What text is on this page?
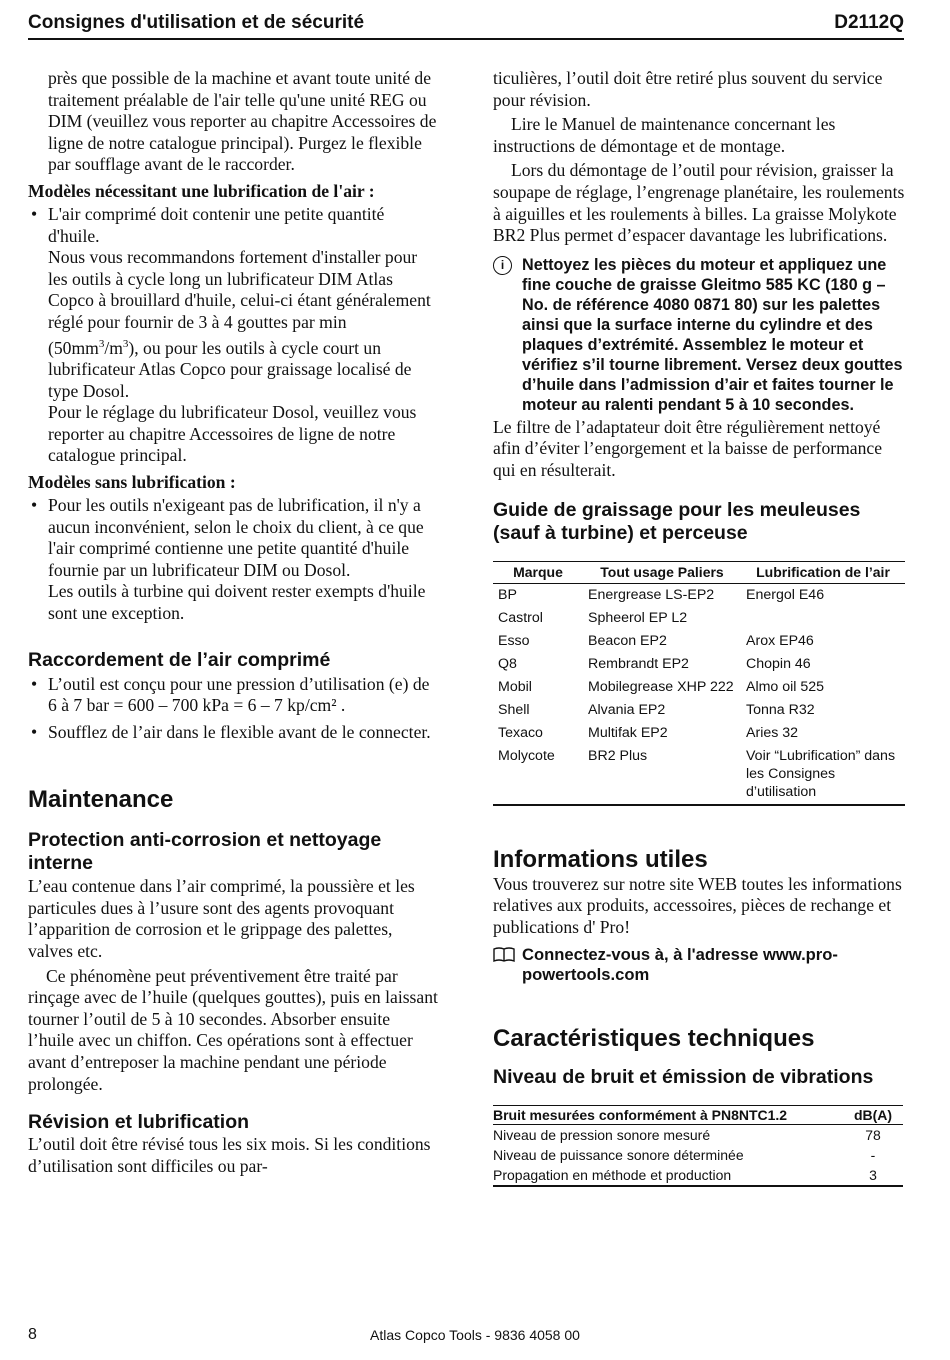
Consignes d'utilisation et de sécurité	D2112Q

près que possible de la machine et avant toute unité de traitement préalable de l'air telle qu'une unité REG ou DIM (veuillez vous reporter au chapitre Accessoires de ligne de notre catalogue principal). Purgez le flexible par soufflage avant de le raccorder.

Modèles nécessitant une lubrification de l'air :

• L'air comprimé doit contenir une petite quantité d'huile.

Nous vous recommandons fortement d'installer pour les outils à cycle long un lubrificateur DIM Atlas Copco à brouillard d'huile, celui-ci étant généralement réglé pour fournir de 3 à 4 gouttes par $\min (50mm^3/m^3)$, ou pour les outils à cycle court un lubrificateur Atlas Copco pour graissage localisé de type Dosol.

Pour le réglage du lubrificateur Dosol, veuillez vous reporter au chapitre Accessoires de ligne de notre catalogue principal.

Modèles sans lubrification :

• Pour les outils n'exigeant pas de lubrification, il n'y a aucun inconvénient, selon le choix du client, à ce que l'air comprimé contienne une petite quantité d'huile fournie par un lubrificateur DIM ou Dosol.

Les outils à turbine qui doivent rester exempts d'huile sont une exception.

Raccordement de l’air comprimé
• L’outil est conçu pour une pression d’utilisation (e) de 6 à 7 bar = 600 – 700 kPa = 6 – 7 kp/cm² .
• Soufflez de l’air dans le flexible avant de le connecter.
Maintenance
Protection anti-corrosion et nettoyage interne

L’eau contenue dans l’air comprimé, la poussière et les particules dues à l’usure sont des agents provoquant l’apparition de corrosion et le grippage des palettes, valves etc.

Ce phénomène peut préventivement être traité par rinçage avec de l’huile (quelques gouttes), puis en laissant tourner l’outil de 5 à 10 secondes. Absorber ensuite l’huile avec un chiffon. Ces opérations sont à effectuer avant d’entreposer la machine pendant une période prolongée.

Révision et lubrification

L’outil doit être révisé tous les six mois. Si les conditions d’utilisation sont difficiles ou par-

ticulières, l’outil doit être retiré plus souvent du service pour révision.

Lire le Manuel de maintenance concernant les instructions de démontage et de montage.

Lors du démontage de l’outil pour révision, graisser la soupape de réglage, l’engrenage planétaire, les roulements à aiguilles et les roulements à billes. La graisse Molykote BR2 Plus permet d’espacer davantage les lubrifications.

i	Nettoyez les pièces du moteur et appliquez une fine couche de graisse Gleitmo 585 KC (180 g – No. de référence 4080 0871 80) sur les palettes ainsi que la surface interne du cylindre et des plaques d’extrémité. Assemblez le moteur et vérifiez s’il tourne librement. Versez deux gouttes d’huile dans l’admission d’air et faites tourner le moteur au ralenti pendant 5 à 10 secondes.

Le filtre de l’adaptateur doit être régulièrement nettoyé afin d’éviter l’engorgement et la baisse de performance qui en résulterait.

Guide de graissage pour les meuleuses (sauf à turbine) et perceuse
Marque	Tout usage Paliers	Lubrification de l’air
BP	Energrease LS-EP2	Energol E46
Castrol	Spheerol EP L2	
Esso	Beacon EP2	Arox EP46
Q8	Rembrandt EP2	Chopin 46
Mobil	Mobilegrease XHP 222	Almo oil 525
Shell	Alvania EP2	Tonna R32
Texaco	Multifak EP2	Aries 32
Molycote	BR2 Plus	Voir “Lubrification” dans les Consignes d’utilisation
Informations utiles

Vous trouverez sur notre site WEB toutes les informations relatives aux produits, accessoires, pièces de rechange et publications d' Pro!

Connectez-vous à, à l'adresse www.pro-powertools.com
Caractéristiques techniques
Niveau de bruit et émission de vibrations
Bruit mesurées conformément à PN8NTC1.2	dB(A)
Niveau de pression sonore mesuré	78
Niveau de puissance sonore déterminée	-
Propagation en méthode et production	3
8	Atlas Copco Tools - 9836 4058 00
